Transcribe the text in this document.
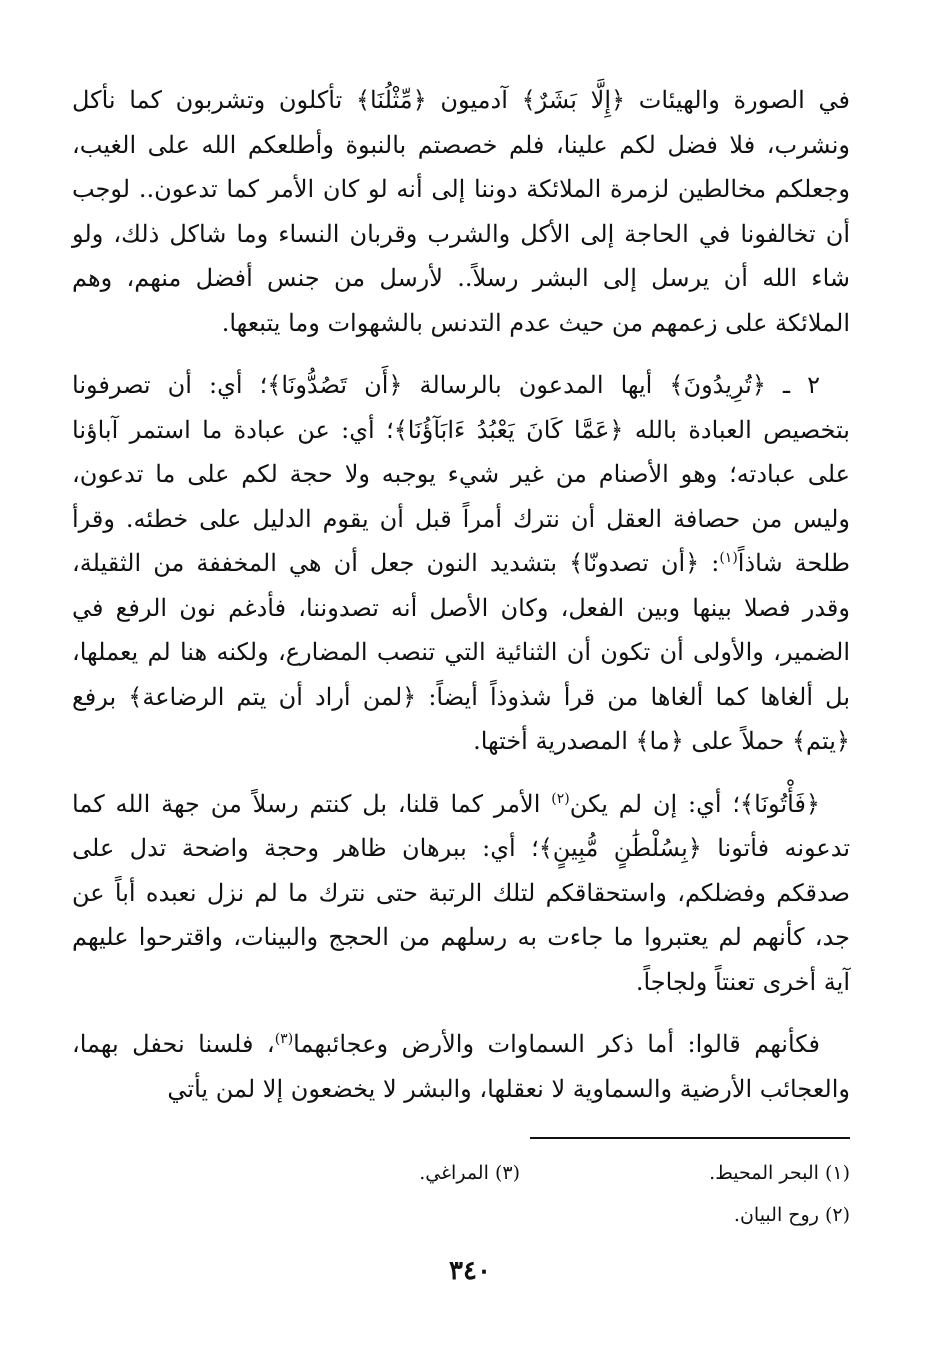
في الصورة والهيئات ﴿إِلَّا بَشَرٌ﴾ آدميون ﴿مِّثْلُنَا﴾ تأكلون وتشربون كما نأكل ونشرب، فلا فضل لكم علينا، فلم خصصتم بالنبوة وأطلعكم الله على الغيب، وجعلكم مخالطين لزمرة الملائكة دوننا إلى أنه لو كان الأمر كما تدعون.. لوجب أن تخالفونا في الحاجة إلى الأكل والشرب وقربان النساء وما شاكل ذلك، ولو شاء الله أن يرسل إلى البشر رسلاً.. لأرسل من جنس أفضل منهم، وهم الملائكة على زعمهم من حيث عدم التدنس بالشهوات وما يتبعها.

٢ ـ ﴿تُرِيدُونَ﴾ أيها المدعون بالرسالة ﴿أَن تَصُدُّونَا﴾؛ أي: أن تصرفونا بتخصيص العبادة بالله ﴿عَمَّا كَانَ يَعْبُدُ ءَابَآؤُنَا﴾؛ أي: عن عبادة ما استمر آباؤنا على عبادته؛ وهو الأصنام من غير شيء يوجبه ولا حجة لكم على ما تدعون، وليس من حصافة العقل أن نترك أمراً قبل أن يقوم الدليل على خطئه. وقرأ طلحة شاذاً$^{(١)}$: ﴿أن تصدونّا﴾ بتشديد النون جعل أن هي المخففة من الثقيلة، وقدر فصلا بينها وبين الفعل، وكان الأصل أنه تصدوننا، فأدغم نون الرفع في الضمير، والأولى أن تكون أن الثنائية التي تنصب المضارع، ولكنه هنا لم يعملها، بل ألغاها كما ألغاها من قرأ شذوذاً أيضاً: ﴿لمن أراد أن يتم الرضاعة﴾ برفع ﴿يتم﴾ حملاً على ﴿ما﴾ المصدرية أختها.

﴿فَأْتُونَا﴾؛ أي: إن لم يكن$^{(٢)}$ الأمر كما قلنا، بل كنتم رسلاً من جهة الله كما تدعونه فأتونا ﴿بِسُلْطَٰنٍ مُّبِينٍ﴾؛ أي: ببرهان ظاهر وحجة واضحة تدل على صدقكم وفضلكم، واستحقاقكم لتلك الرتبة حتى نترك ما لم نزل نعبده أباً عن جد، كأنهم لم يعتبروا ما جاءت به رسلهم من الحجج والبينات، واقترحوا عليهم آية أخرى تعنتاً ولجاجاً.

فكأنهم قالوا: أما ذكر السماوات والأرض وعجائبهما$^{(٣)}$، فلسنا نحفل بهما، والعجائب الأرضية والسماوية لا نعقلها، والبشر لا يخضعون إلا لمن يأتي

(١) البحر المحيط.
(٣) المراغي.
(٢) روح البيان.
٣٤٠
